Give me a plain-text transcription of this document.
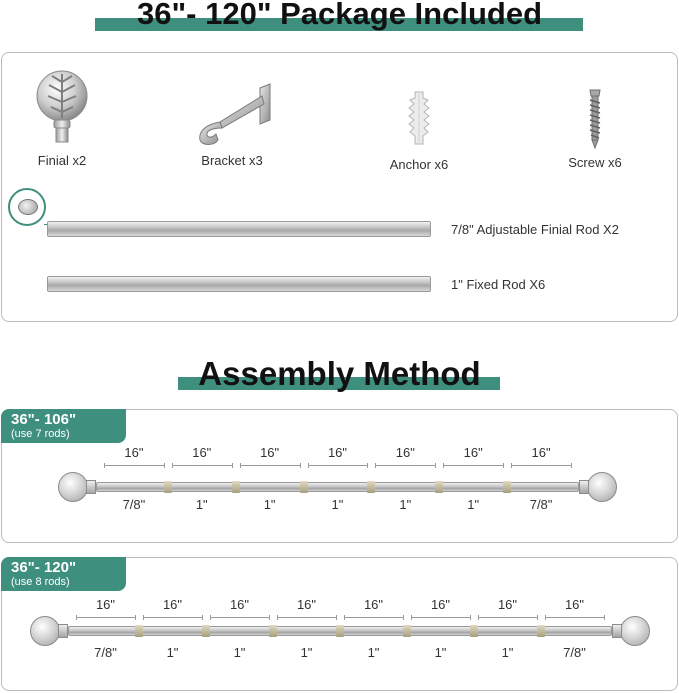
36"- 120" Package Included
Finial x2	Bracket x3	Anchor x6	Screw x6
7/8" Adjustable Finial Rod X2
1" Fixed Rod X6
Assembly Method
36"- 106"
(use 7 rods)
36"- 120"
(use 8 rods)
16"
7/8"
16"
1"
16"
1"
16"
1"
16"
1"
16"
1"
16"
7/8"
16"
7/8"
16"
1"
16"
1"
16"
1"
16"
1"
16"
1"
16"
1"
16"
7/8"
